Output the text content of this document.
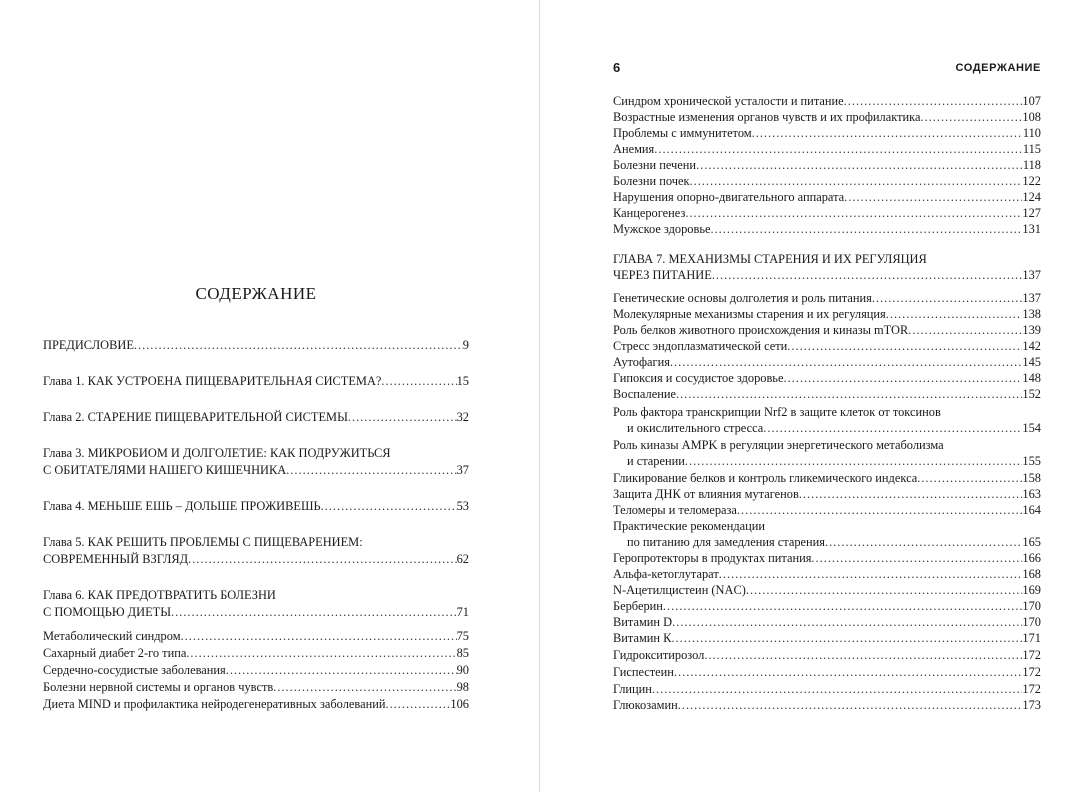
СОДЕРЖАНИЕ
ПРЕДИСЛОВИЕ .....	9
Глава 1. КАК УСТРОЕНА ПИЩЕВАРИТЕЛЬНАЯ СИСТЕМА? .....	15
Глава 2. СТАРЕНИЕ ПИЩЕВАРИТЕЛЬНОЙ СИСТЕМЫ .....	32
Глава 3. МИКРОБИОМ И ДОЛГОЛЕТИЕ: КАК ПОДРУЖИТЬСЯ
С ОБИТАТЕЛЯМИ НАШЕГО КИШЕЧНИКА .....	37
Глава 4. МЕНЬШЕ ЕШЬ – ДОЛЬШЕ ПРОЖИВЕШЬ .....	53
Глава 5. КАК РЕШИТЬ ПРОБЛЕМЫ С ПИЩЕВАРЕНИЕМ:
СОВРЕМЕННЫЙ ВЗГЛЯД .....	62
Глава 6. КАК ПРЕДОТВРАТИТЬ БОЛЕЗНИ
С ПОМОЩЬЮ ДИЕТЫ .....	71
Метаболический синдром .....	75
Сахарный диабет 2-го типа .....	85
Сердечно-сосудистые заболевания .....	90
Болезни нервной системы и органов чувств .....	98
Диета MIND и профилактика нейродегенеративных заболеваний .....	106
6	СОДЕРЖАНИЕ
Синдром хронической усталости и питание .....	107
Возрастные изменения органов чувств и их профилактика .....	108
Проблемы с иммунитетом .....	110
Анемия .....	115
Болезни печени .....	118
Болезни почек .....	122
Нарушения опорно-двигательного аппарата .....	124
Канцерогенез .....	127
Мужское здоровье .....	131
ГЛАВА 7. МЕХАНИЗМЫ СТАРЕНИЯ И ИХ РЕГУЛЯЦИЯ
ЧЕРЕЗ ПИТАНИЕ .....	137
Генетические основы долголетия и роль питания .....	137
Молекулярные механизмы старения и их регуляция .....	138
Роль белков животного происхождения и киназы mTOR .....	139
Стресс эндоплазматической сети .....	142
Аутофагия .....	145
Гипоксия и сосудистое здоровье .....	148
Воспаление .....	152
Роль фактора транскрипции Nrf2 в защите клеток от токсинов
и окислительного стресса .....	154
Роль киназы AMPK в регуляции энергетического метаболизма
и старении .....	155
Гликирование белков и контроль гликемического индекса .....	158
Защита ДНК от влияния мутагенов .....	163
Теломеры и теломераза .....	164
Практические рекомендации
по питанию для замедления старения .....	165
Геропротекторы в продуктах питания .....	166
Альфа-кетоглутарат .....	168
N-Ацетилцистеин (NAC) .....	169
Берберин .....	170
Витамин D .....	170
Витамин К .....	171
Гидрокситирозол .....	172
Гиспестеин .....	172
Глицин .....	172
Глюкозамин .....	173
